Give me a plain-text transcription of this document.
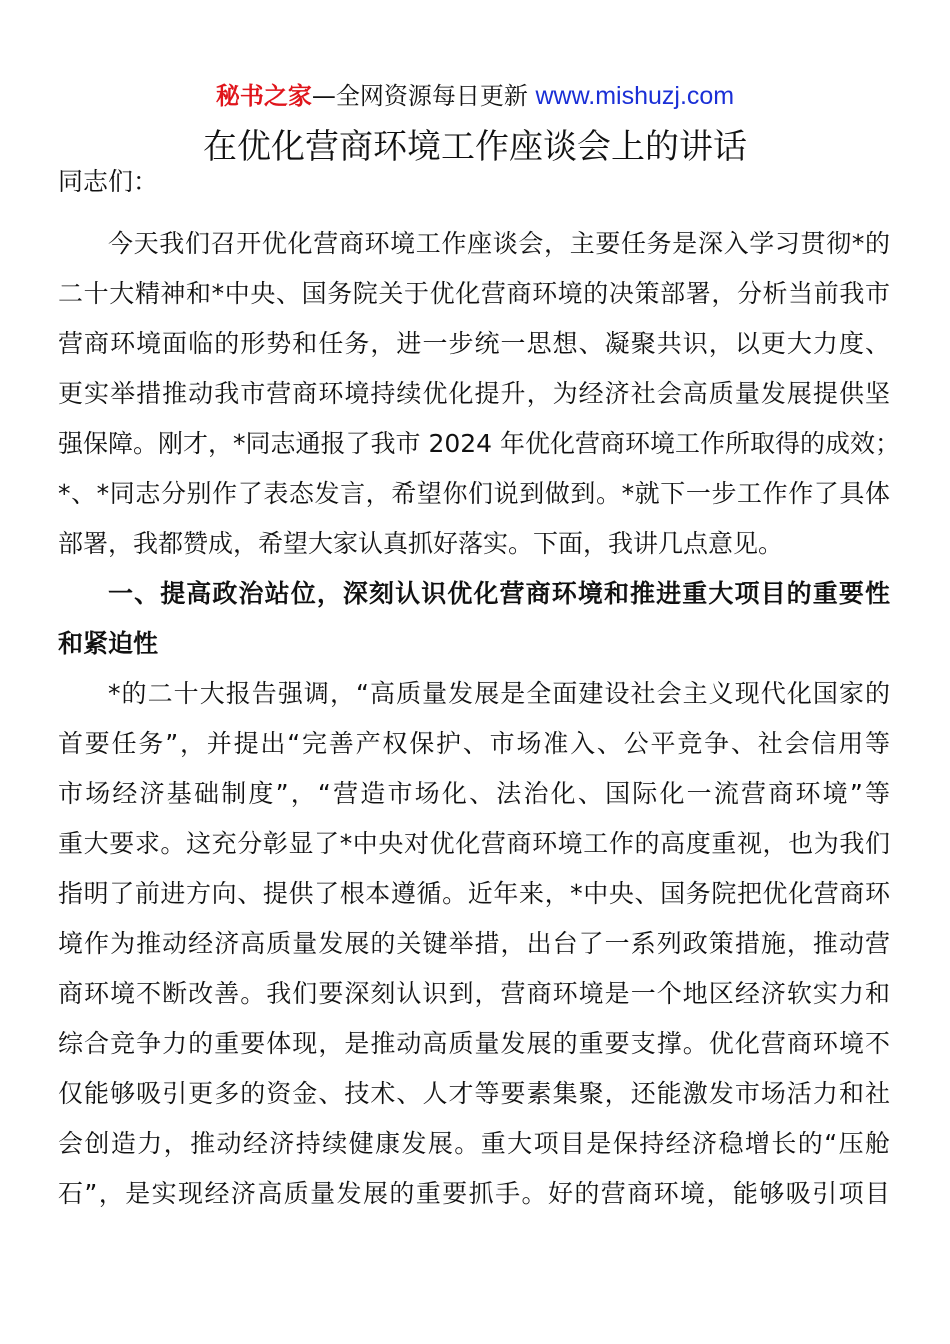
秘书之家—全网资源每日更新 www.mishuzj.com
在优化营商环境工作座谈会上的讲话
同志们：
今天我们召开优化营商环境工作座谈会，主要任务是深入学习贯彻*的
二十大精神和*中央、国务院关于优化营商环境的决策部署，分析当前我市
营商环境面临的形势和任务，进一步统一思想、凝聚共识，以更大力度、
更实举措推动我市营商环境持续优化提升，为经济社会高质量发展提供坚
强保障。刚才，*同志通报了我市 2024 年优化营商环境工作所取得的成效；
*、*同志分别作了表态发言，希望你们说到做到。*就下一步工作作了具体
部署，我都赞成，希望大家认真抓好落实。下面，我讲几点意见。
一、提高政治站位，深刻认识优化营商环境和推进重大项目的重要性
和紧迫性
*的二十大报告强调，“高质量发展是全面建设社会主义现代化国家的
首要任务”，并提出“完善产权保护、市场准入、公平竞争、社会信用等
市场经济基础制度”，“营造市场化、法治化、国际化一流营商环境”等
重大要求。这充分彰显了*中央对优化营商环境工作的高度重视，也为我们
指明了前进方向、提供了根本遵循。近年来，*中央、国务院把优化营商环
境作为推动经济高质量发展的关键举措，出台了一系列政策措施，推动营
商环境不断改善。我们要深刻认识到，营商环境是一个地区经济软实力和
综合竞争力的重要体现，是推动高质量发展的重要支撑。优化营商环境不
仅能够吸引更多的资金、技术、人才等要素集聚，还能激发市场活力和社
会创造力，推动经济持续健康发展。重大项目是保持经济稳增长的“压舱
石”，是实现经济高质量发展的重要抓手。好的营商环境，能够吸引项目
